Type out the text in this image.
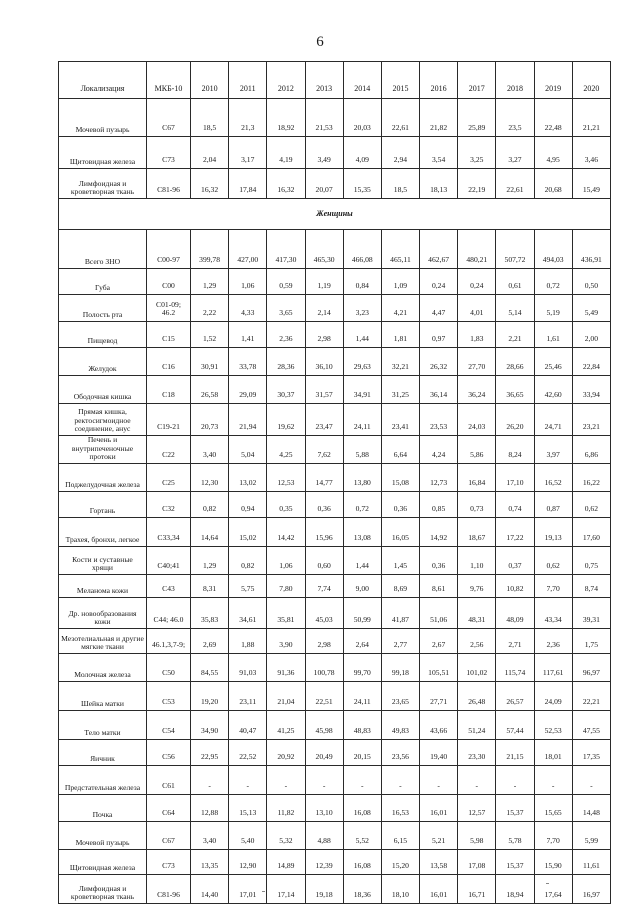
6
Локализация	МКБ-10	2010	2011	2012	2013	2014	2015	2016	2017	2018	2019	2020
Мочевой пузырь	C67	18,5	21,3	18,92	21,53	20,03	22,61	21,82	25,89	23,5	22,48	21,21
Щитовидная железа	C73	2,04	3,17	4,19	3,49	4,09	2,94	3,54	3,25	3,27	4,95	3,46
Лимфоидная и кроветворная ткань	C81-96	16,32	17,84	16,32	20,07	15,35	18,5	18,13	22,19	22,61	20,68	15,49
Женщины												
Всего ЗНО	C00-97	399,78	427,00	417,30	465,30	466,08	465,11	462,67	480,21	507,72	494,03	436,91
Губа	C00	1,29	1,06	0,59	1,19	0,84	1,09	0,24	0,24	0,61	0,72	0,50
Полость рта	C01-09; 46.2	2,22	4,33	3,65	2,14	3,23	4,21	4,47	4,01	5,14	5,19	5,49
Пищевод	C15	1,52	1,41	2,36	2,98	1,44	1,81	0,97	1,83	2,21	1,61	2,00
Желудок	C16	30,91	33,78	28,36	36,10	29,63	32,21	26,32	27,70	28,66	25,46	22,84
Ободочная кишка	C18	26,58	29,09	30,37	31,57	34,91	31,25	36,14	36,24	36,65	42,60	33,94
Прямая кишка, ректосигмоидное соединение, анус	C19-21	20,73	21,94	19,62	23,47	24,11	23,41	23,53	24,03	26,20	24,71	23,21
Печень и внутрипеченочные протоки	C22	3,40	5,04	4,25	7,62	5,88	6,64	4,24	5,86	8,24	3,97	6,86
Поджелудочная железа	C25	12,30	13,02	12,53	14,77	13,80	15,08	12,73	16,84	17,10	16,52	16,22
Гортань	C32	0,82	0,94	0,35	0,36	0,72	0,36	0,85	0,73	0,74	0,87	0,62
Трахея, бронхи, легкое	C33,34	14,64	15,02	14,42	15,96	13,08	16,05	14,92	18,67	17,22	19,13	17,60
Кости и суставные хрящи	C40;41	1,29	0,82	1,06	0,60	1,44	1,45	0,36	1,10	0,37	0,62	0,75
Меланома кожи	C43	8,31	5,75	7,80	7,74	9,00	8,69	8,61	9,76	10,82	7,70	8,74
Др. новообразования кожи	C44; 46.0	35,83	34,61	35,81	45,03	50,99	41,87	51,06	48,31	48,09	43,34	39,31
Мезотелиальная и другие мягкие ткани	46.1,3,7-9;	2,69	1,88	3,90	2,98	2,64	2,77	2,67	2,56	2,71	2,36	1,75
Молочная железа	C50	84,55	91,03	91,36	100,78	99,70	99,18	105,51	101,02	115,74	117,61	96,97
Шейка матки	C53	19,20	23,11	21,04	22,51	24,11	23,65	27,71	26,48	26,57	24,09	22,21
Тело матки	C54	34,90	40,47	41,25	45,98	48,83	49,83	43,66	51,24	57,44	52,53	47,55
Яичник	C56	22,95	22,52	20,92	20,49	20,15	23,56	19,40	23,30	21,15	18,01	17,35
Предстательная железа	C61	-	-	-	-	-	-	-	-	-	-	-
Почка	C64	12,88	15,13	11,82	13,10	16,08	16,53	16,01	12,57	15,37	15,65	14,48
Мочевой пузырь	C67	3,40	5,40	5,32	4,88	5,52	6,15	5,21	5,98	5,78	7,70	5,99
Щитовидная железа	C73	13,35	12,90	14,89	12,39	16,08	15,20	13,58	17,08	15,37	15,90	11,61
Лимфоидная и кроветворная ткань	C81-96	14,40	17,01	17,14	19,18	18,36	18,10	16,01	16,71	18,94	17,64	16,97
